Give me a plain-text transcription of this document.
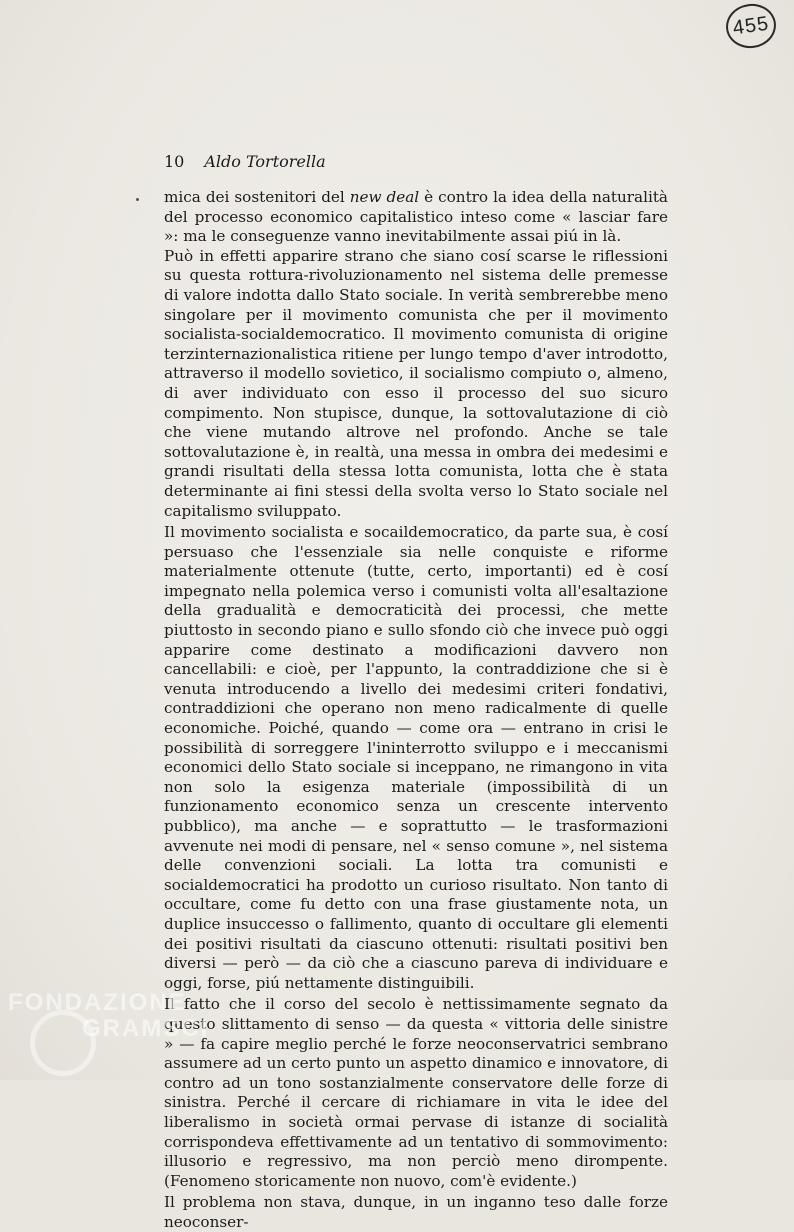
455
10 Aldo Tortorella

mica dei sostenitori del new deal è contro la idea della naturalità del processo economico capitalistico inteso come « lasciar fare »: ma le conseguenze vanno inevitabilmente assai piú in là.

Può in effetti apparire strano che siano cosí scarse le riflessioni su questa rottura-rivoluzionamento nel sistema delle premesse di valore indotta dallo Stato sociale. In verità sembrerebbe meno singolare per il movimento comunista che per il movimento socialista-socialdemocratico. Il movimento comunista di origine terzinternazionalistica ritiene per lungo tempo d'aver introdotto, attraverso il modello sovietico, il socialismo compiuto o, almeno, di aver individuato con esso il processo del suo sicuro compimento. Non stupisce, dunque, la sottovalutazione di ciò che viene mutando altrove nel profondo. Anche se tale sottovalutazione è, in realtà, una messa in ombra dei medesimi e grandi risultati della stessa lotta comunista, lotta che è stata determinante ai fini stessi della svolta verso lo Stato sociale nel capitalismo sviluppato.

Il movimento socialista e socaildemocratico, da parte sua, è cosí persuaso che l'essenziale sia nelle conquiste e riforme materialmente ottenute (tutte, certo, importanti) ed è cosí impegnato nella polemica verso i comunisti volta all'esaltazione della gradualità e democraticità dei processi, che mette piuttosto in secondo piano e sullo sfondo ciò che invece può oggi apparire come destinato a modificazioni davvero non cancellabili: e cioè, per l'appunto, la contraddizione che si è venuta introducendo a livello dei medesimi criteri fondativi, contraddizioni che operano non meno radicalmente di quelle economiche. Poiché, quando — come ora — entrano in crisi le possibilità di sorreggere l'ininterrotto sviluppo e i meccanismi economici dello Stato sociale si inceppano, ne rimangono in vita non solo la esigenza materiale (impossibilità di un funzionamento economico senza un crescente intervento pubblico), ma anche — e soprattutto — le trasformazioni avvenute nei modi di pensare, nel « senso comune », nel sistema delle convenzioni sociali. La lotta tra comunisti e socialdemocratici ha prodotto un curioso risultato. Non tanto di occultare, come fu detto con una frase giustamente nota, un duplice insuccesso o fallimento, quanto di occultare gli elementi dei positivi risultati da ciascuno ottenuti: risultati positivi ben diversi — però — da ciò che a ciascuno pareva di individuare e oggi, forse, piú nettamente distinguibili.

Il fatto che il corso del secolo è nettissimamente segnato da questo slittamento di senso — da questa « vittoria delle sinistre » — fa capire meglio perché le forze neoconservatrici sembrano assumere ad un certo punto un aspetto dinamico e innovatore, di contro ad un tono sostanzialmente conservatore delle forze di sinistra. Perché il cercare di richiamare in vita le idee del liberalismo in società ormai pervase di istanze di socialità corrispondeva effettivamente ad un tentativo di sommovimento: illusorio e regressivo, ma non perciò meno dirompente. (Fenomeno storicamente non nuovo, com'è evidente.)

Il problema non stava, dunque, in un inganno teso dalle forze neoconser-

FONDAZIONE
GRAMSCI
